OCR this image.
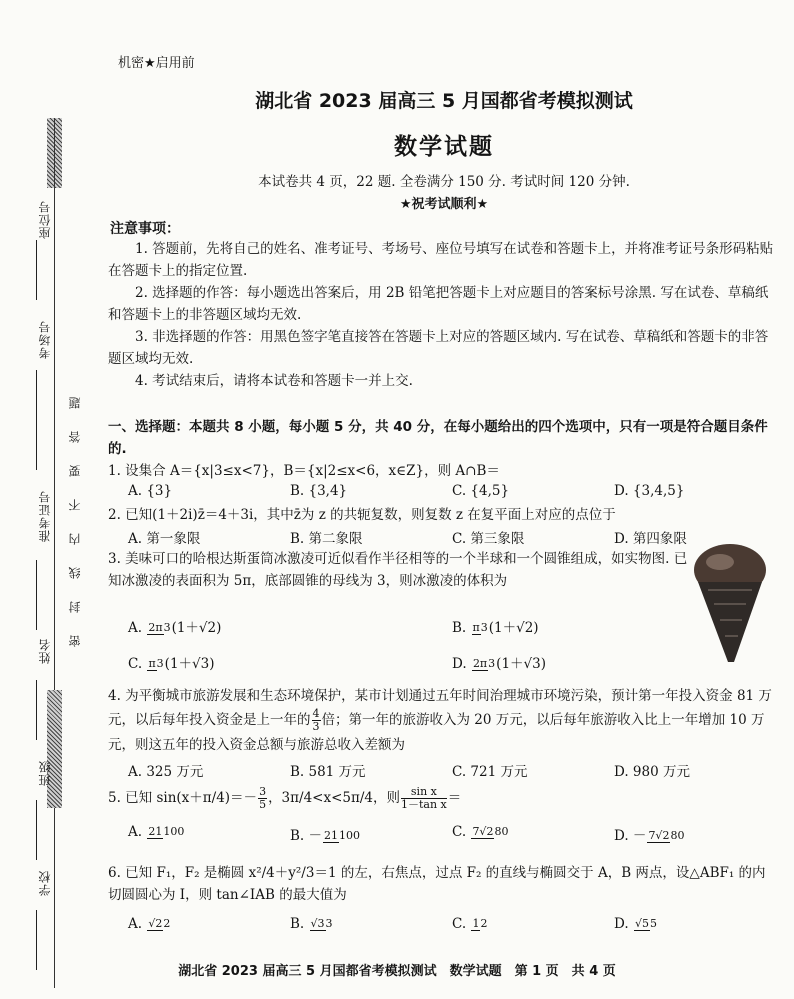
座位号
考场号
准考证号
姓名
班级
学校
密封线内不要答题
机密★启用前
湖北省 2023 届高三 5 月国都省考模拟测试
数学试题
本试卷共 4 页，22 题. 全卷满分 150 分. 考试时间 120 分钟.
★祝考试顺利★
注意事项：
1. 答题前，先将自己的姓名、准考证号、考场号、座位号填写在试卷和答题卡上，并将准考证号条形码粘贴在答题卡上的指定位置.
2. 选择题的作答：每小题选出答案后，用 2B 铅笔把答题卡上对应题目的答案标号涂黑. 写在试卷、草稿纸和答题卡上的非答题区域均无效.
3. 非选择题的作答：用黑色签字笔直接答在答题卡上对应的答题区域内. 写在试卷、草稿纸和答题卡的非答题区域均无效.
4. 考试结束后，请将本试卷和答题卡一并上交.
一、选择题：本题共 8 小题，每小题 5 分，共 40 分，在每小题给出的四个选项中，只有一项是符合题目条件的.
1. 设集合 A＝{x|3≤x<7}，B＝{x|2≤x<6，x∈Z}，则 A∩B＝
A. {3}	B. {3,4}	C. {4,5}	D. {3,4,5}
2. 已知(1＋2i)z̄＝4＋3i，其中z̄为 z 的共轭复数，则复数 z 在复平面上对应的点位于
A. 第一象限	B. 第二象限	C. 第三象限	D. 第四象限
3. 美味可口的哈根达斯蛋筒冰激凌可近似看作半径相等的一个半球和一个圆锥组成，如实物图. 已知冰激凌的表面积为 5π，底部圆锥的母线为 3，则冰激凌的体积为
A. 2π3(1＋√2)	B. π3(1＋√2)
C. π3(1＋√3)	D. 2π3(1＋√3)
4. 为平衡城市旅游发展和生态环境保护，某市计划通过五年时间治理城市环境污染，预计第一年投入资金 81 万元，以后每年投入资金是上一年的 $\frac{4}{3}$ 倍；第一年的旅游收入为 20 万元，以后每年旅游收入比上一年增加 10 万元，则这五年的投入资金总额与旅游总收入差额为
A. 325 万元	B. 581 万元	C. 721 万元	D. 980 万元
5. 已知 $\sin(x+\pi/4)=- \frac{3}{5}$ ，3π/4<x<5π/4，则 $\frac{\text{sin x}}{\text{1－tan x}}$ ＝
A. 21100	B. － 21100	C. 7√280	D. － 7√280
6. 已知 F₁，F₂ 是椭圆 x²/4＋y²/3＝1 的左，右焦点，过点 F₂ 的直线与椭圆交于 A，B 两点，设△ABF₁ 的内切圆圆心为 I，则 tan∠IAB 的最大值为
A. √22	B. √33	C. 12	D. √55
湖北省 2023 届高三 5 月国都省考模拟测试　数学试题　第 1 页　共 4 页
